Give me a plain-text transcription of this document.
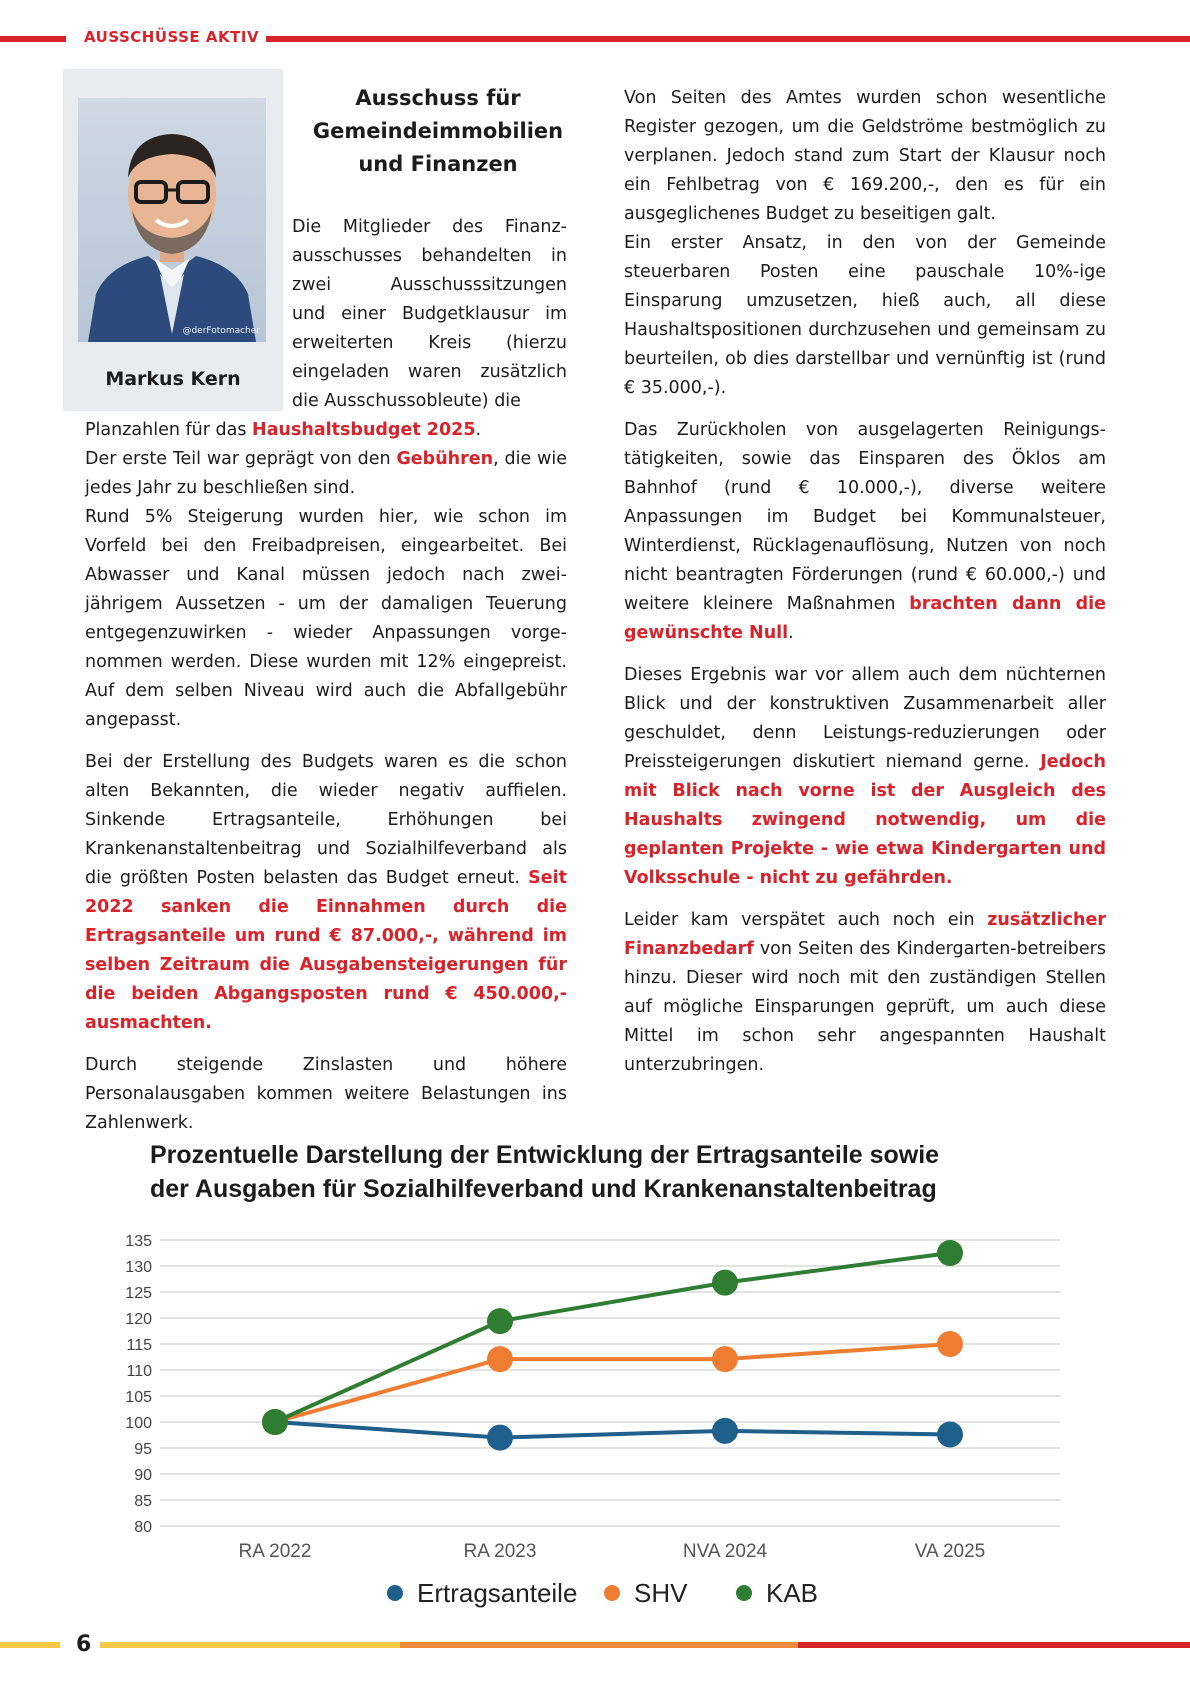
AUSSCHÜSSE AKTIV
@derFotomacher
Markus Kern
Ausschuss für
Gemeindeimmobilien
und Finanzen
Die Mitglieder des Finanz-
ausschusses behandelten in
zwei Ausschusssitzungen
und einer Budgetklausur im
erweiterten Kreis (hierzu
eingeladen waren zusätzlich
die Ausschussobleute) die
Planzahlen für das Haushaltsbudget 2025.
Der erste Teil war geprägt von den Gebühren, die wie jedes Jahr zu beschließen sind.
Rund 5% Steigerung wurden hier, wie schon im Vorfeld bei den Freibadpreisen, eingearbeitet. Bei Abwasser und Kanal müssen jedoch nach zwei-jährigem Aussetzen - um der damaligen Teuerung entgegenzuwirken - wieder Anpassungen vorge-nommen werden. Diese wurden mit 12% eingepreist. Auf dem selben Niveau wird auch die Abfallgebühr angepasst.
Bei der Erstellung des Budgets waren es die schon alten Bekannten, die wieder negativ auffielen. Sinkende Ertragsanteile, Erhöhungen bei Krankenanstaltenbeitrag und Sozialhilfeverband als die größten Posten belasten das Budget erneut. Seit 2022 sanken die Einnahmen durch die Ertragsanteile um rund € 87.000,-, während im selben Zeitraum die Ausgabensteigerungen für die beiden Abgangsposten rund € 450.000,- ausmachten.
Durch steigende Zinslasten und höhere Personalausgaben kommen weitere Belastungen ins Zahlenwerk.
Von Seiten des Amtes wurden schon wesentliche Register gezogen, um die Geldströme bestmöglich zu verplanen. Jedoch stand zum Start der Klausur noch ein Fehlbetrag von € 169.200,-, den es für ein ausgeglichenes Budget zu beseitigen galt.
Ein erster Ansatz, in den von der Gemeinde steuerbaren Posten eine pauschale 10%-ige Einsparung umzusetzen, hieß auch, all diese Haushaltspositionen durchzusehen und gemeinsam zu beurteilen, ob dies darstellbar und vernünftig ist (rund € 35.000,-).
Das Zurückholen von ausgelagerten Reinigungs-tätigkeiten, sowie das Einsparen des Öklos am Bahnhof (rund € 10.000,-), diverse weitere Anpassungen im Budget bei Kommunalsteuer, Winterdienst, Rücklagenauflösung, Nutzen von noch nicht beantragten Förderungen (rund € 60.000,-) und weitere kleinere Maßnahmen brachten dann die gewünschte Null.
Dieses Ergebnis war vor allem auch dem nüchternen Blick und der konstruktiven Zusammenarbeit aller geschuldet, denn Leistungs-reduzierungen oder Preissteigerungen diskutiert niemand gerne. Jedoch mit Blick nach vorne ist der Ausgleich des Haushalts zwingend notwendig, um die geplanten Projekte - wie etwa Kindergarten und Volksschule - nicht zu gefährden.
Leider kam verspätet auch noch ein zusätzlicher Finanzbedarf von Seiten des Kindergarten-betreibers hinzu. Dieser wird noch mit den zuständigen Stellen auf mögliche Einsparungen geprüft, um auch diese Mittel im schon sehr angespannten Haushalt unterzubringen.
Prozentuelle Darstellung der Entwicklung der Ertragsanteile sowie
der Ausgaben für Sozialhilfeverband und Krankenanstaltenbeitrag
80
85
90
95
100
105
110
115
120
125
130
135
RA 2022	RA 2023	NVA 2024	VA 2025
Ertragsanteile SHV	KAB
6
